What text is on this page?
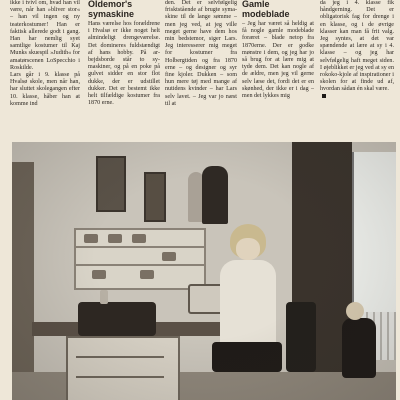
ikke i tvivl om, hvad han vil være, når han »bliver stor« – han vil ingen og ny teaterkostumer! Han er faktisk allerede godt i gang. Han har nemlig syet samtlige kostumer til Kaj Munks skuespil »Judith« for amatørscenen LoSpecchio i Roskilde.

Lars går i 9. klasse på Hvalsø skole, men når han, har sluttet skolegangen efter 10. klasse, håber han at komme ind

Oldemor's symaskine

Hans værelse hos forældrene i Hvalsø er ikke noget helt almindeligt drengeværelse. Det domineres fuldstændigt af hans hobby. På arbejdsborde står to symaskiner, og på en poke på gulvet sidder en stor flot dukke, der er udstillet dukker. Det er bestemt ikke helt tilfældige kostumer fra 1870 erne.

den. Det er selvfølgelig frisktstående af brugte symaskine til de lange sømme – men jeg ved, at jeg ville meget gerne have dem hos min bedstemor, siger Lars. Jeg interesserer mig meget for kostumer fra Holbergtiden og fra 1870 erne – og designer og syr fine kjoler. Dukken – som hun mere tøj med mange af nutidens kvinder – har Lars selv lavet. – Jeg var jo næst til at

Gamle modeblade

– Jeg har været så heldig at få nogle gamle modeblade foræret – blade netop fra 1870erne. Der er godke mønstre i dem, og jeg har jo så brug for at lære mig at tyde dem. Det kan nogle af de ældre, men jeg vil gerne selv læse det, fordi det er en skønhed, der ikke er i dag – men det lykkes mig

da jeg i 4. klasse fik håndgerning. Det er obligatorisk fag for drenge i en klasse, og i de øvrige klasser kan man få frit valg. Jeg syntes, at det var spændende at lære at sy i 4. klasse – og jeg har selvfølgelig haft meget siden. I øjeblikket er jeg ved at sy en rokoko-kjole af inspirationer i skolen for at finde ud af, hvordan sådan én skal være.
